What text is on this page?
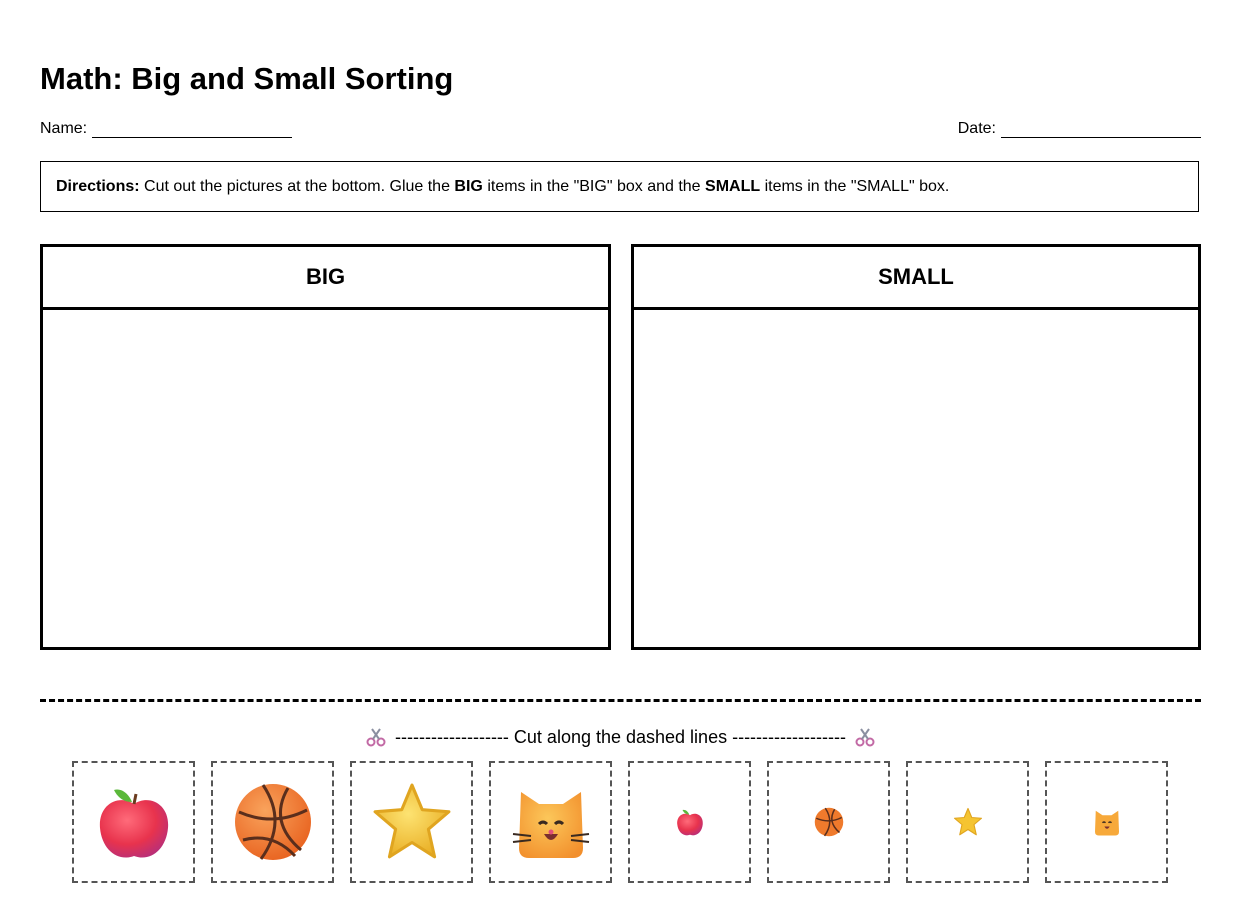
Math: Big and Small Sorting
Name:	Date:
Directions: Cut out the pictures at the bottom. Glue the BIG items in the "BIG" box and the SMALL items in the "SMALL" box.
BIG	SMALL
------------------- Cut along the dashed lines -------------------
